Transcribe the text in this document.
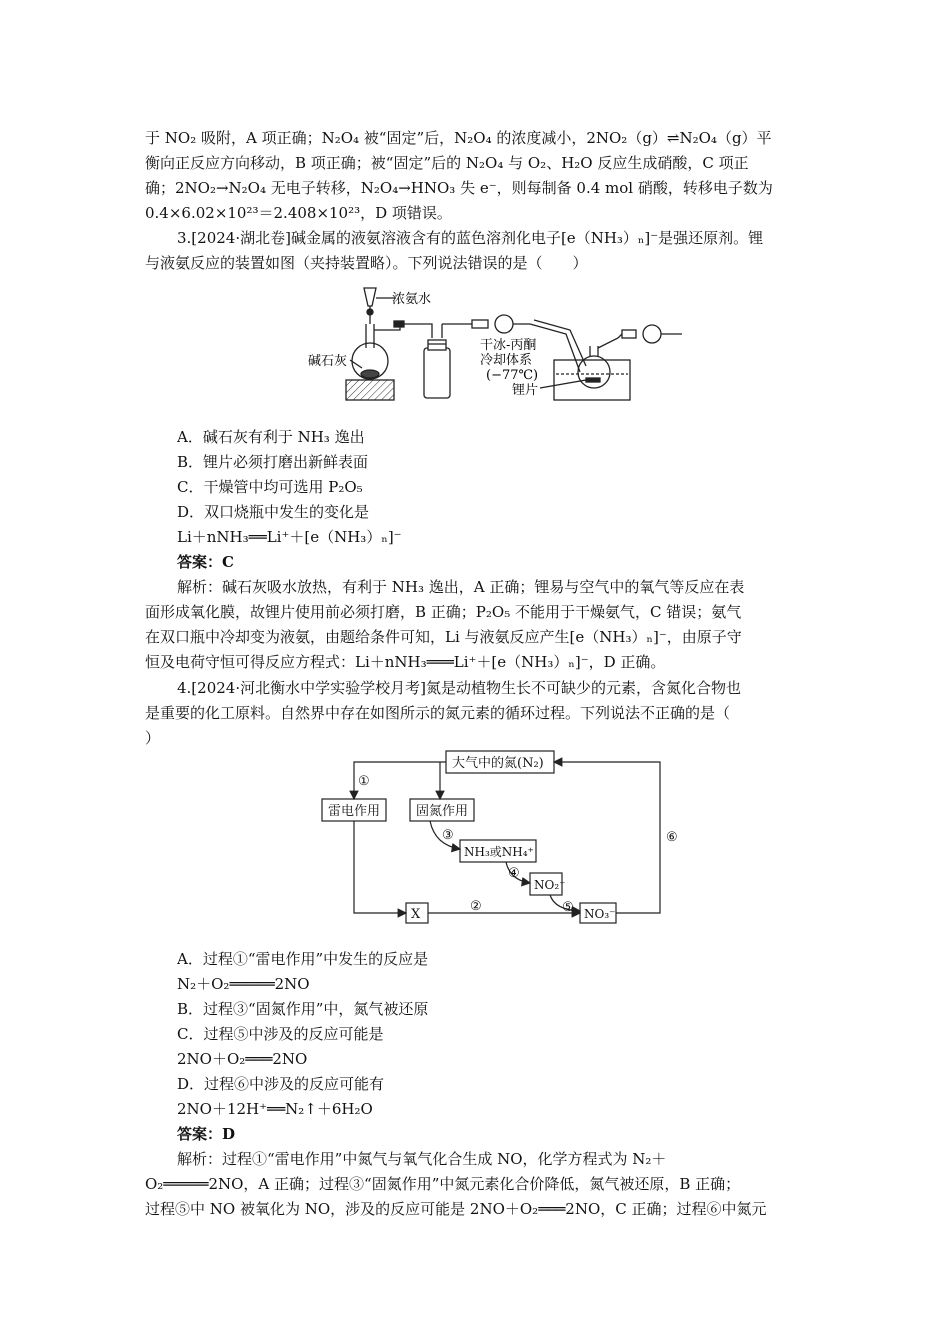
于 NO₂ 吸附，A 项正确；N₂O₄ 被“固定”后，N₂O₄ 的浓度减小，2NO₂（g）⇌N₂O₄（g）平
衡向正反应方向移动，B 项正确；被“固定”后的 N₂O₄ 与 O₂、H₂O 反应生成硝酸，C 项正
确；2NO₂→N₂O₄ 无电子转移，N₂O₄→HNO₃ 失 e⁻，则每制备 0.4 mol 硝酸，转移电子数为
0.4×6.02×10²³＝2.408×10²³，D 项错误。
3.[2024·湖北卷]碱金属的液氨溶液含有的蓝色溶剂化电子[e（NH₃）ₙ]⁻是强还原剂。锂
与液氨反应的装置如图（夹持装置略）。下列说法错误的是（　　）
浓氨水
碱石灰
干冰-丙酮
冷却体系
(−77℃)
锂片
A．碱石灰有利于 NH₃ 逸出
B．锂片必须打磨出新鲜表面
C．干燥管中均可选用 P₂O₅
D．双口烧瓶中发生的变化是
Li＋nNH₃══Li⁺＋[e（NH₃）ₙ]⁻
答案：C
解析：碱石灰吸水放热，有利于 NH₃ 逸出，A 正确；锂易与空气中的氧气等反应在表
面形成氧化膜，故锂片使用前必须打磨，B 正确；P₂O₅ 不能用于干燥氨气，C 错误；氨气
在双口瓶中冷却变为液氨，由题给条件可知，Li 与液氨反应产生[e（NH₃）ₙ]⁻，由原子守
恒及电荷守恒可得反应方程式：Li＋nNH₃═══Li⁺＋[e（NH₃）ₙ]⁻，D 正确。
4.[2024·河北衡水中学实验学校月考]氮是动植物生长不可缺少的元素，含氮化合物也
是重要的化工原料。自然界中存在如图所示的氮元素的循环过程。下列说法不正确的是（
）
大气中的氮(N₂)
雷电作用	固氮作用
NH₃或NH₄⁺
NO₂⁻
NO₃⁻
X
①
②
③
④
⑤
⑥
A．过程①“雷电作用”中发生的反应是
N₂＋O₂═════2NO
B．过程③“固氮作用”中，氮气被还原
C．过程⑤中涉及的反应可能是
2NO＋O₂═══2NO
D．过程⑥中涉及的反应可能有
2NO＋12H⁺══N₂↑＋6H₂O
答案：D
解析：过程①“雷电作用”中氮气与氧气化合生成 NO，化学方程式为 N₂＋
O₂═════2NO，A 正确；过程③“固氮作用”中氮元素化合价降低，氮气被还原，B 正确；
过程⑤中 NO 被氧化为 NO，涉及的反应可能是 2NO＋O₂═══2NO，C 正确；过程⑥中氮元
